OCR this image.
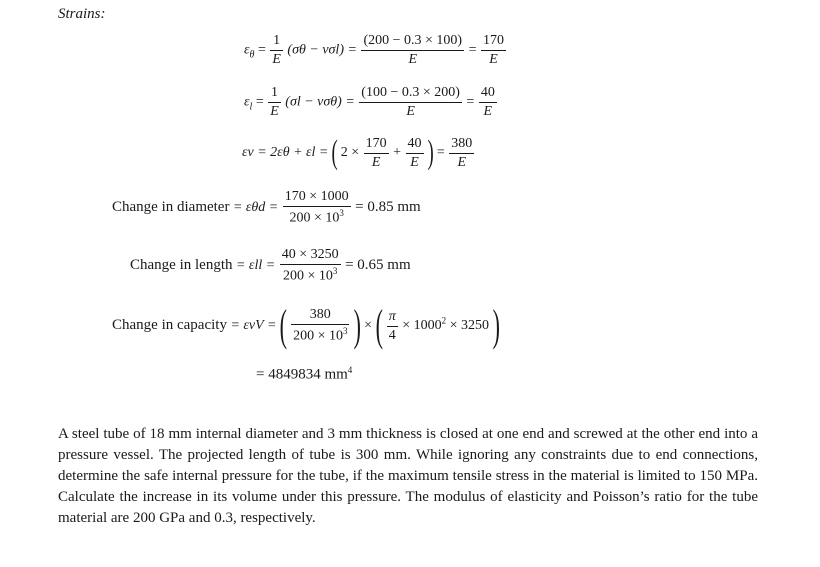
Strains:
$\varepsilon_\theta = \frac{1}{E} (\sigma\theta - \nu\sigma l) = \frac{(200 - 0.3 \times 100)}{E} = \frac{170}{E}$
$\varepsilon_l = \frac{1}{E} (\sigma l - \nu\sigma\theta) = \frac{(100 - 0.3 \times 200)}{E} = \frac{40}{E}$
εv = 2εθ + εl = ( $2 \times \frac{170}{E} + \frac{40}{E}$ ) = $\frac{380}{E}$
Change in diameter = $\varepsilon\theta d = \frac{170 \times 1000}{200 \times 10^3} = 0.85$ mm
Change in length = $\varepsilon ll = \frac{40 \times 3250}{200 \times 10^3} = 0.65$ mm
Change in capacity = εvV = ( $\frac{380}{200 \times 10^3}$ ) × ( $\frac{\pi}{4} \times 1000^2 \times 3250$ )
= 4849834 $mm^4$
A steel tube of 18 mm internal diameter and 3 mm thickness is closed at one end and screwed at the other end into a pressure vessel. The projected length of tube is 300 mm. While ignoring any constraints due to end connections, determine the safe internal pressure for the tube, if the maximum tensile stress in the material is limited to 150 MPa. Calculate the increase in its volume under this pressure. The modulus of elasticity and Poisson’s ratio for the tube material are 200 GPa and 0.3, respectively.
